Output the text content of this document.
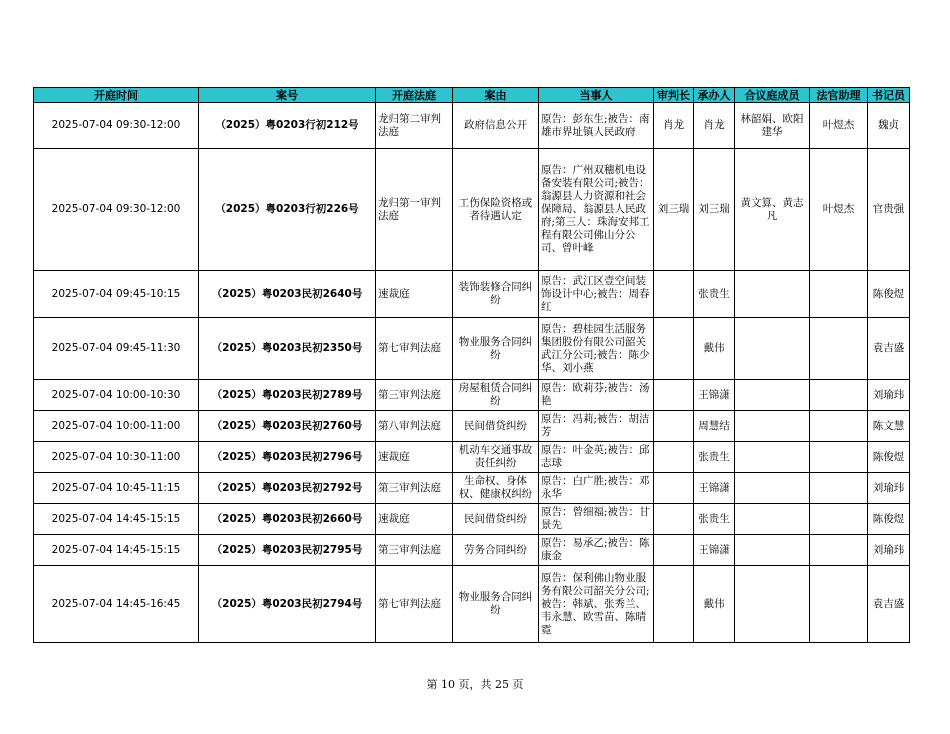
开庭时间	案号	开庭法庭	案由	当事人	审判长	承办人	合议庭成员	法官助理	书记员
2025-07-04 09:30-12:00	（2025）粤0203行初212号	龙归第二审判法庭	政府信息公开	原告：彭东生;被告：南雄市界址镇人民政府	肖龙	肖龙	林韶娟、欧阳建华	叶煜杰	魏贞
2025-07-04 09:30-12:00	（2025）粤0203行初226号	龙归第一审判法庭	工伤保险资格或者待遇认定	原告：广州双穗机电设备安装有限公司;被告：翁源县人力资源和社会保障局、翁源县人民政府;第三人：珠海安邦工程有限公司佛山分公司、曾叶峰	刘三瑞	刘三瑞	黄文算、黄志凡	叶煜杰	官贵强
2025-07-04 09:45-10:15	（2025）粤0203民初2640号	速裁庭	装饰装修合同纠纷	原告：武江区壹空间装饰设计中心;被告：周春红		张贵生			陈俊煜
2025-07-04 09:45-11:30	（2025）粤0203民初2350号	第七审判法庭	物业服务合同纠纷	原告：碧桂园生活服务集团股份有限公司韶关武江分公司;被告：陈少华、刘小燕		戴伟			袁吉盛
2025-07-04 10:00-10:30	（2025）粤0203民初2789号	第三审判法庭	房屋租赁合同纠纷	原告：欧莉芬;被告：汤艳		王锦潇			刘瑜玮
2025-07-04 10:00-11:00	（2025）粤0203民初2760号	第八审判法庭	民间借贷纠纷	原告：冯莉;被告：胡洁芳		周慧结			陈文慧
2025-07-04 10:30-11:00	（2025）粤0203民初2796号	速裁庭	机动车交通事故责任纠纷	原告：叶金英;被告：邱志球		张贵生			陈俊煜
2025-07-04 10:45-11:15	（2025）粤0203民初2792号	第三审判法庭	生命权、身体权、健康权纠纷	原告：白广胜;被告：邓永华		王锦潇			刘瑜玮
2025-07-04 14:45-15:15	（2025）粤0203民初2660号	速裁庭	民间借贷纠纷	原告：曾细福;被告：甘景先		张贵生			陈俊煜
2025-07-04 14:45-15:15	（2025）粤0203民初2795号	第三审判法庭	劳务合同纠纷	原告：易承乙;被告：陈康金		王锦潇			刘瑜玮
2025-07-04 14:45-16:45	（2025）粤0203民初2794号	第七审判法庭	物业服务合同纠纷	原告：保利佛山物业服务有限公司韶关分公司;被告：韩斌、张秀兰、韦永慧、欧雪苗、陈晴霓		戴伟			袁吉盛
第 10 页，共 25 页
